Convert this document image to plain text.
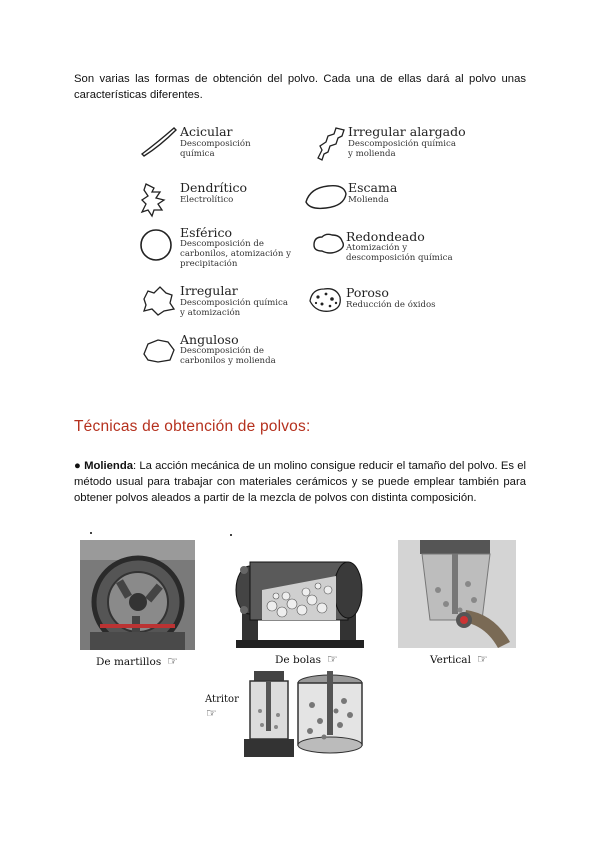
Son varias las formas de obtención del polvo. Cada una de ellas dará al polvo unas características diferentes.
Acicular
Descomposición
química
Irregular alargado
Descomposición química
y molienda
Dendrítico
Electrolítico
Escama
Molienda
Esférico
Descomposición de
carbonilos, atomización y
precipitación
Redondeado
Atomización y
descomposición química
Irregular
Descomposición química
y atomización
Poroso
Reducción de óxidos
Anguloso
Descomposición de
carbonilos y molienda
Técnicas de obtención de polvos:
● Molienda: La acción mecánica de un molino consigue reducir el tamaño del polvo. Es el método usual para trabajar con materiales cerámicos y se puede emplear también para obtener polvos aleados a partir de la mezcla de polvos con distinta composición.
De martillos ☞	De bolas ☞	Vertical ☞
Atritor
☞
